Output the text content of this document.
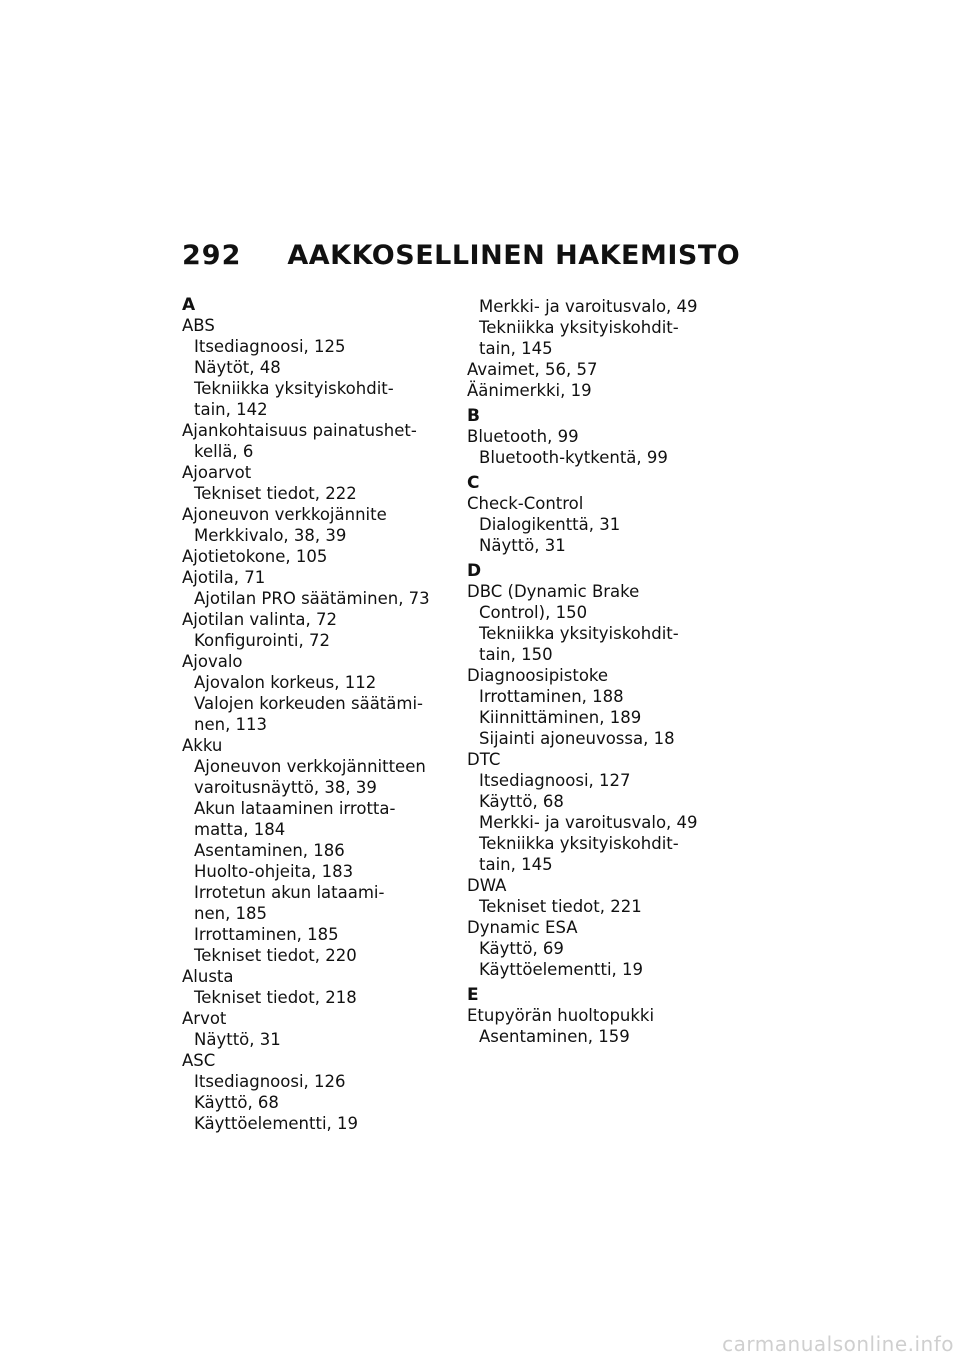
292 AAKKOSELLINEN HAKEMISTO
A
ABS
Itsediagnoosi, 125
Näytöt, 48
Tekniikka yksityiskohdit-
tain, 142
Ajankohtaisuus painatushet-
kellä, 6
Ajoarvot
Tekniset tiedot, 222
Ajoneuvon verkkojännite
Merkkivalo, 38, 39
Ajotietokone, 105
Ajotila, 71
Ajotilan PRO säätäminen, 73
Ajotilan valinta, 72
Konfigurointi, 72
Ajovalo
Ajovalon korkeus, 112
Valojen korkeuden säätämi-
nen, 113
Akku
Ajoneuvon verkkojännitteen
varoitusnäyttö, 38, 39
Akun lataaminen irrotta-
matta, 184
Asentaminen, 186
Huolto-ohjeita, 183
Irrotetun akun lataami-
nen, 185
Irrottaminen, 185
Tekniset tiedot, 220
Alusta
Tekniset tiedot, 218
Arvot
Näyttö, 31
ASC
Itsediagnoosi, 126
Käyttö, 68
Käyttöelementti, 19
Merkki- ja varoitusvalo, 49
Tekniikka yksityiskohdit-
tain, 145
Avaimet, 56, 57
Äänimerkki, 19
B
Bluetooth, 99
Bluetooth-kytkentä, 99
C
Check-Control
Dialogikenttä, 31
Näyttö, 31
D
DBC (Dynamic Brake
Control), 150
Tekniikka yksityiskohdit-
tain, 150
Diagnoosipistoke
Irrottaminen, 188
Kiinnittäminen, 189
Sijainti ajoneuvossa, 18
DTC
Itsediagnoosi, 127
Käyttö, 68
Merkki- ja varoitusvalo, 49
Tekniikka yksityiskohdit-
tain, 145
DWA
Tekniset tiedot, 221
Dynamic ESA
Käyttö, 69
Käyttöelementti, 19
E
Etupyörän huoltopukki
Asentaminen, 159
carmanualsonline.info
